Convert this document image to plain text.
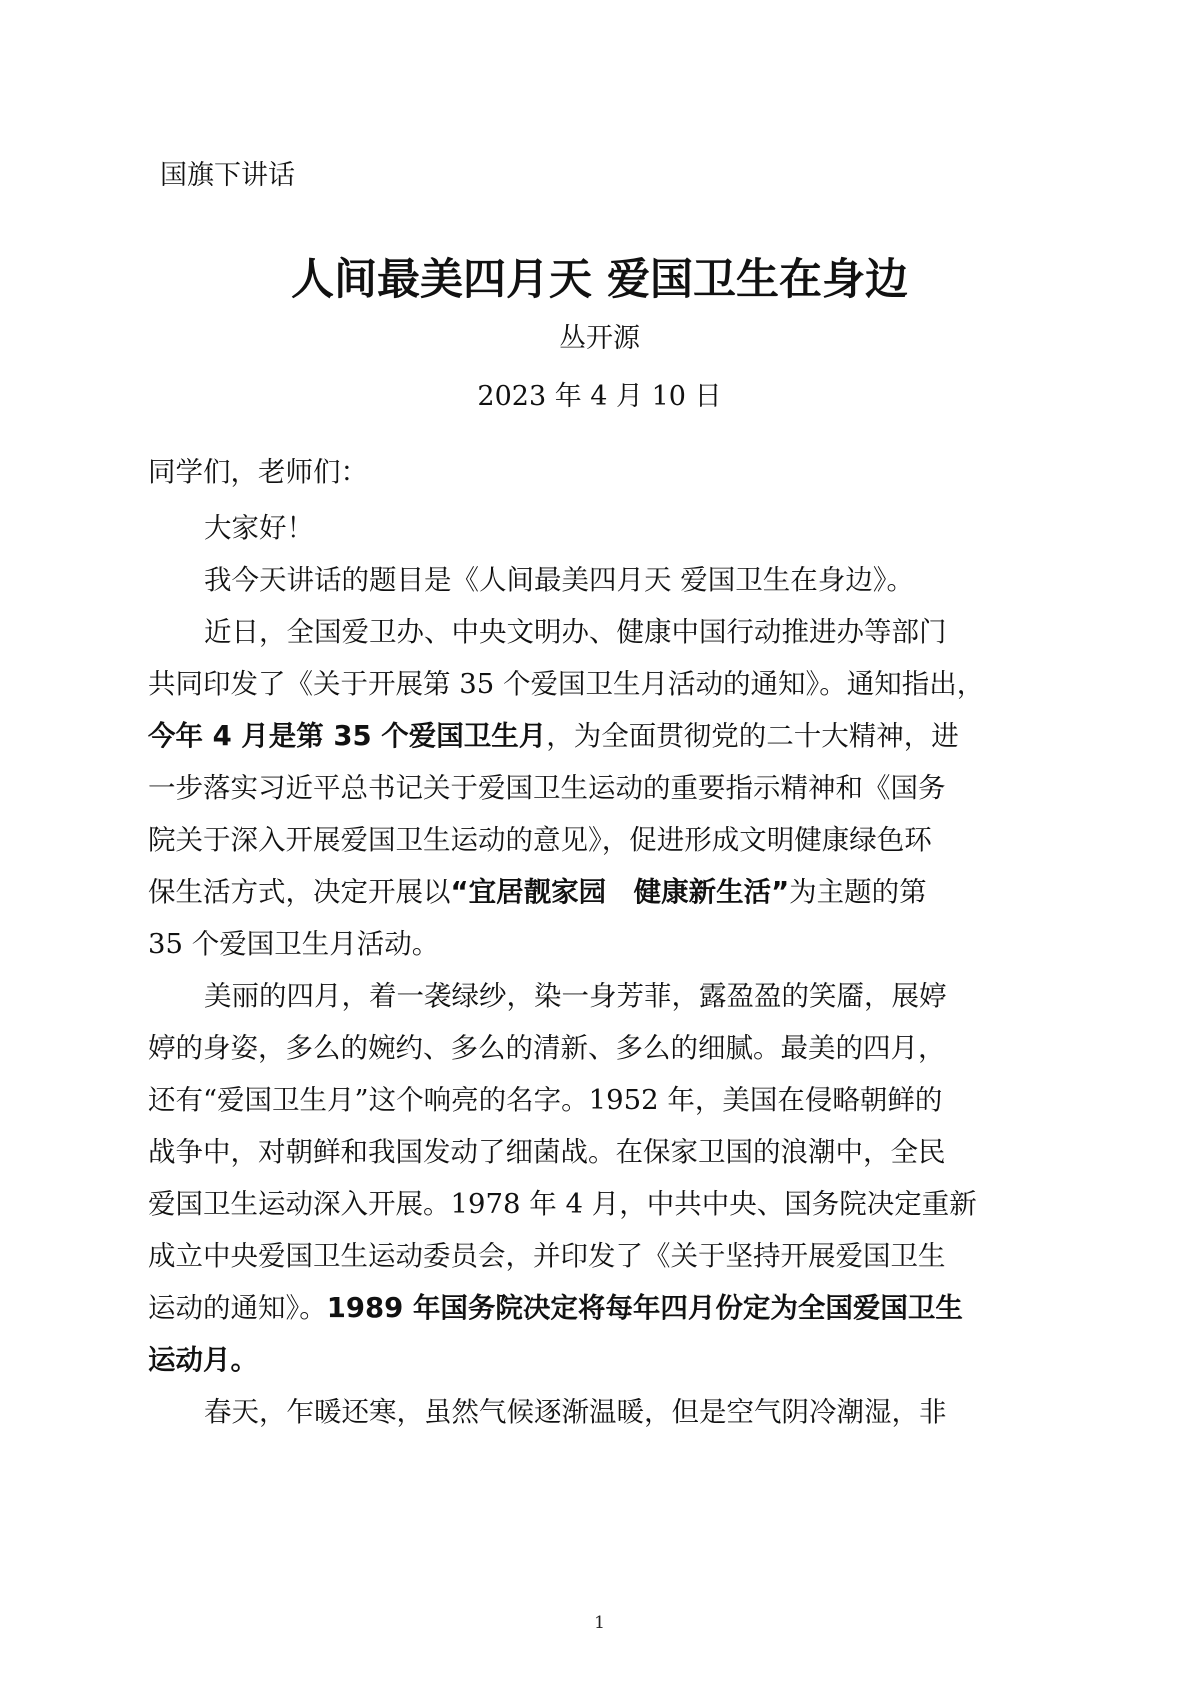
国旗下讲话
人间最美四月天 爱国卫生在身边
丛开源
2023 年 4 月 10 日
同学们，老师们：
大家好！
我今天讲话的题目是《人间最美四月天 爱国卫生在身边》。
近日，全国爱卫办、中央文明办、健康中国行动推进办等部门
共同印发了《关于开展第 35 个爱国卫生月活动的通知》。通知指出，
今年 4 月是第 35 个爱国卫生月，为全面贯彻党的二十大精神，进
一步落实习近平总书记关于爱国卫生运动的重要指示精神和《国务
院关于深入开展爱国卫生运动的意见》，促进形成文明健康绿色环
保生活方式，决定开展以“宜居靓家园　健康新生活”为主题的第
35 个爱国卫生月活动。
美丽的四月，着一袭绿纱，染一身芳菲，露盈盈的笑靥，展婷
婷的身姿，多么的婉约、多么的清新、多么的细腻。最美的四月，
还有“爱国卫生月”这个响亮的名字。1952 年，美国在侵略朝鲜的
战争中，对朝鲜和我国发动了细菌战。在保家卫国的浪潮中，全民
爱国卫生运动深入开展。1978 年 4 月，中共中央、国务院决定重新
成立中央爱国卫生运动委员会，并印发了《关于坚持开展爱国卫生
运动的通知》。1989 年国务院决定将每年四月份定为全国爱国卫生
运动月。
春天，乍暖还寒，虽然气候逐渐温暖，但是空气阴冷潮湿，非
1
